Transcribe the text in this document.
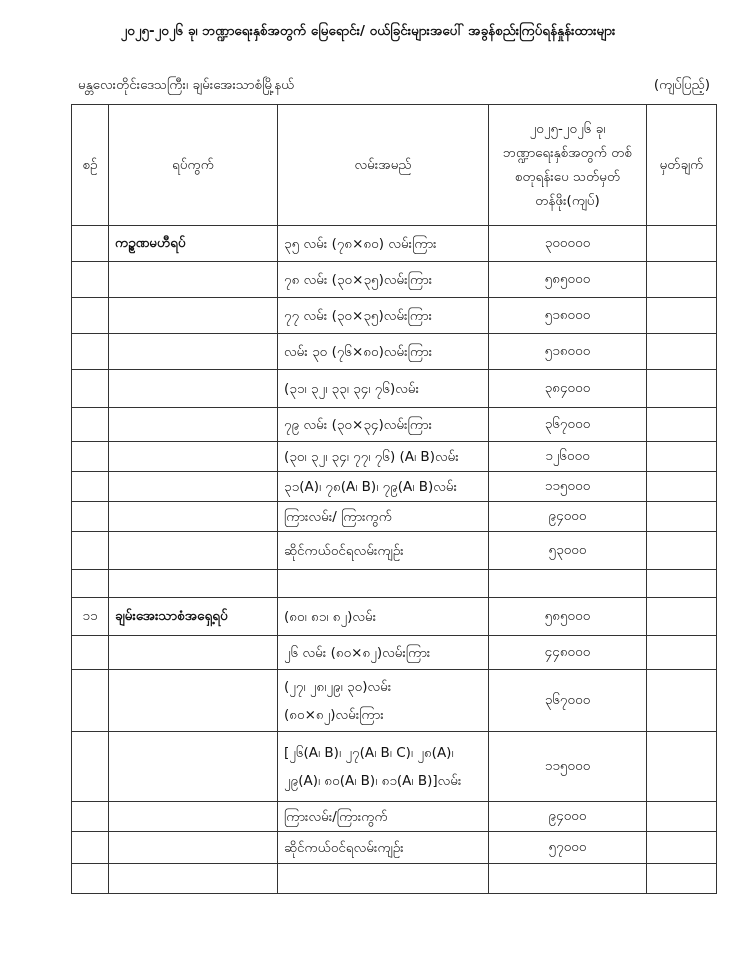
၂၀၂၅-၂၀၂၆ ခု၊ ဘဏ္ဍာရေးနှစ်အတွက် မြေရောင်း/ ဝယ်ခြင်းများအပေါ် အခွန်စည်းကြပ်ရန်နှုန်းထားများ
မန္တလေးတိုင်းဒေသကြီး၊ ချမ်းအေးသာစံမြို့နယ်	(ကျပ်ပြည့်)
စဉ်	ရပ်ကွက်	လမ်းအမည်	၂၀၂၅-၂၀၂၆ ခု၊ ဘဏ္ဍာရေးနှစ်အတွက် တစ်စတုရန်းပေ သတ်မှတ်တန်ဖိုး(ကျပ်)	မှတ်ချက်
	ကဥ္စဏမဟီရပ်	၃၅ လမ်း (၇၈×၈၀) လမ်းကြား	၃၀၀၀၀၀	
		၇၈ လမ်း (၃၀×၃၅)လမ်းကြား	၅၈၅၀၀၀	
		၇၇ လမ်း (၃၀×၃၅)လမ်းကြား	၅၁၈၀၀၀	
		လမ်း ၃၀ (၇၆×၈၀)လမ်းကြား	၅၁၈၀၀၀	
		(၃၁၊ ၃၂၊ ၃၃၊ ၃၄၊ ၇၆)လမ်း	၃၈၄၀၀၀	
		၇၉ လမ်း (၃၀×၃၄)လမ်းကြား	၃၆၇၀၀၀	
		(၃၀၊ ၃၂၊ ၃၄၊ ၇၇၊ ၇၆) (A၊ B)လမ်း	၁၂၆၀၀၀	
		၃၁(A)၊ ၇၈(A၊ B)၊ ၇၉(A၊ B)လမ်း	၁၁၅၀၀၀	
		ကြားလမ်း/ ကြားကွက်	၉၄၀၀၀	
		ဆိုင်ကယ်ဝင်ရလမ်းကျဉ်း	၅၃၀၀၀	

၁၁	ချမ်းအေးသာစံအရှေ့ရပ်	(၈၀၊ ၈၁၊ ၈၂)လမ်း	၅၈၅၀၀၀	
		၂၆ လမ်း (၈၀×၈၂)လမ်းကြား	၄၄၈၀၀၀	
		(၂၇၊ ၂၈၊၂၉၊ ၃၀)လမ်း (၈၀×၈၂)လမ်းကြား	၃၆၇၀၀၀	
		[၂၆(A၊ B)၊ ၂၇(A၊ B၊ C)၊ ၂၈(A)၊ ၂၉(A)၊ ၈၀(A၊ B)၊ ၈၁(A၊ B)]လမ်း	၁၁၅၀၀၀	
		ကြားလမ်း/ကြားကွက်	၉၄၀၀၀	
		ဆိုင်ကယ်ဝင်ရလမ်းကျဉ်း	၅၇၀၀၀	
